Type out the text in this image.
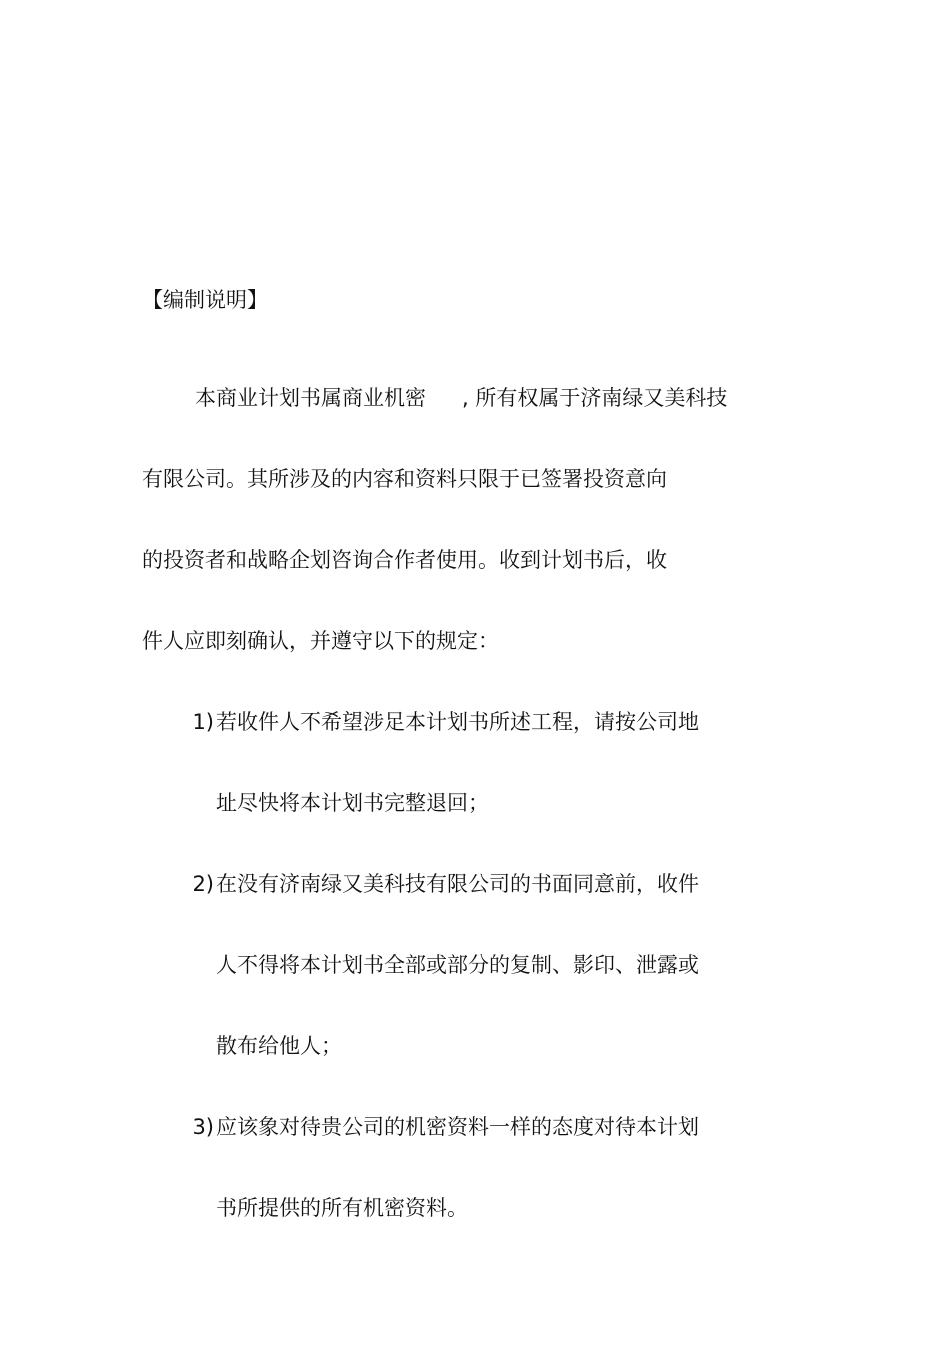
【编制说明】
本商业计划书属商业机密 , 所有权属于济南绿又美科技
有限公司。其所涉及的内容和资料只限于已签署投资意向
的投资者和战略企划咨询合作者使用。收到计划书后，收
件人应即刻确认，并遵守以下的规定：
1)若收件人不希望涉足本计划书所述工程，请按公司地
址尽快将本计划书完整退回；
2)在没有济南绿又美科技有限公司的书面同意前，收件
人不得将本计划书全部或部分的复制、影印、泄露或
散布给他人；
3)应该象对待贵公司的机密资料一样的态度对待本计划
书所提供的所有机密资料。
